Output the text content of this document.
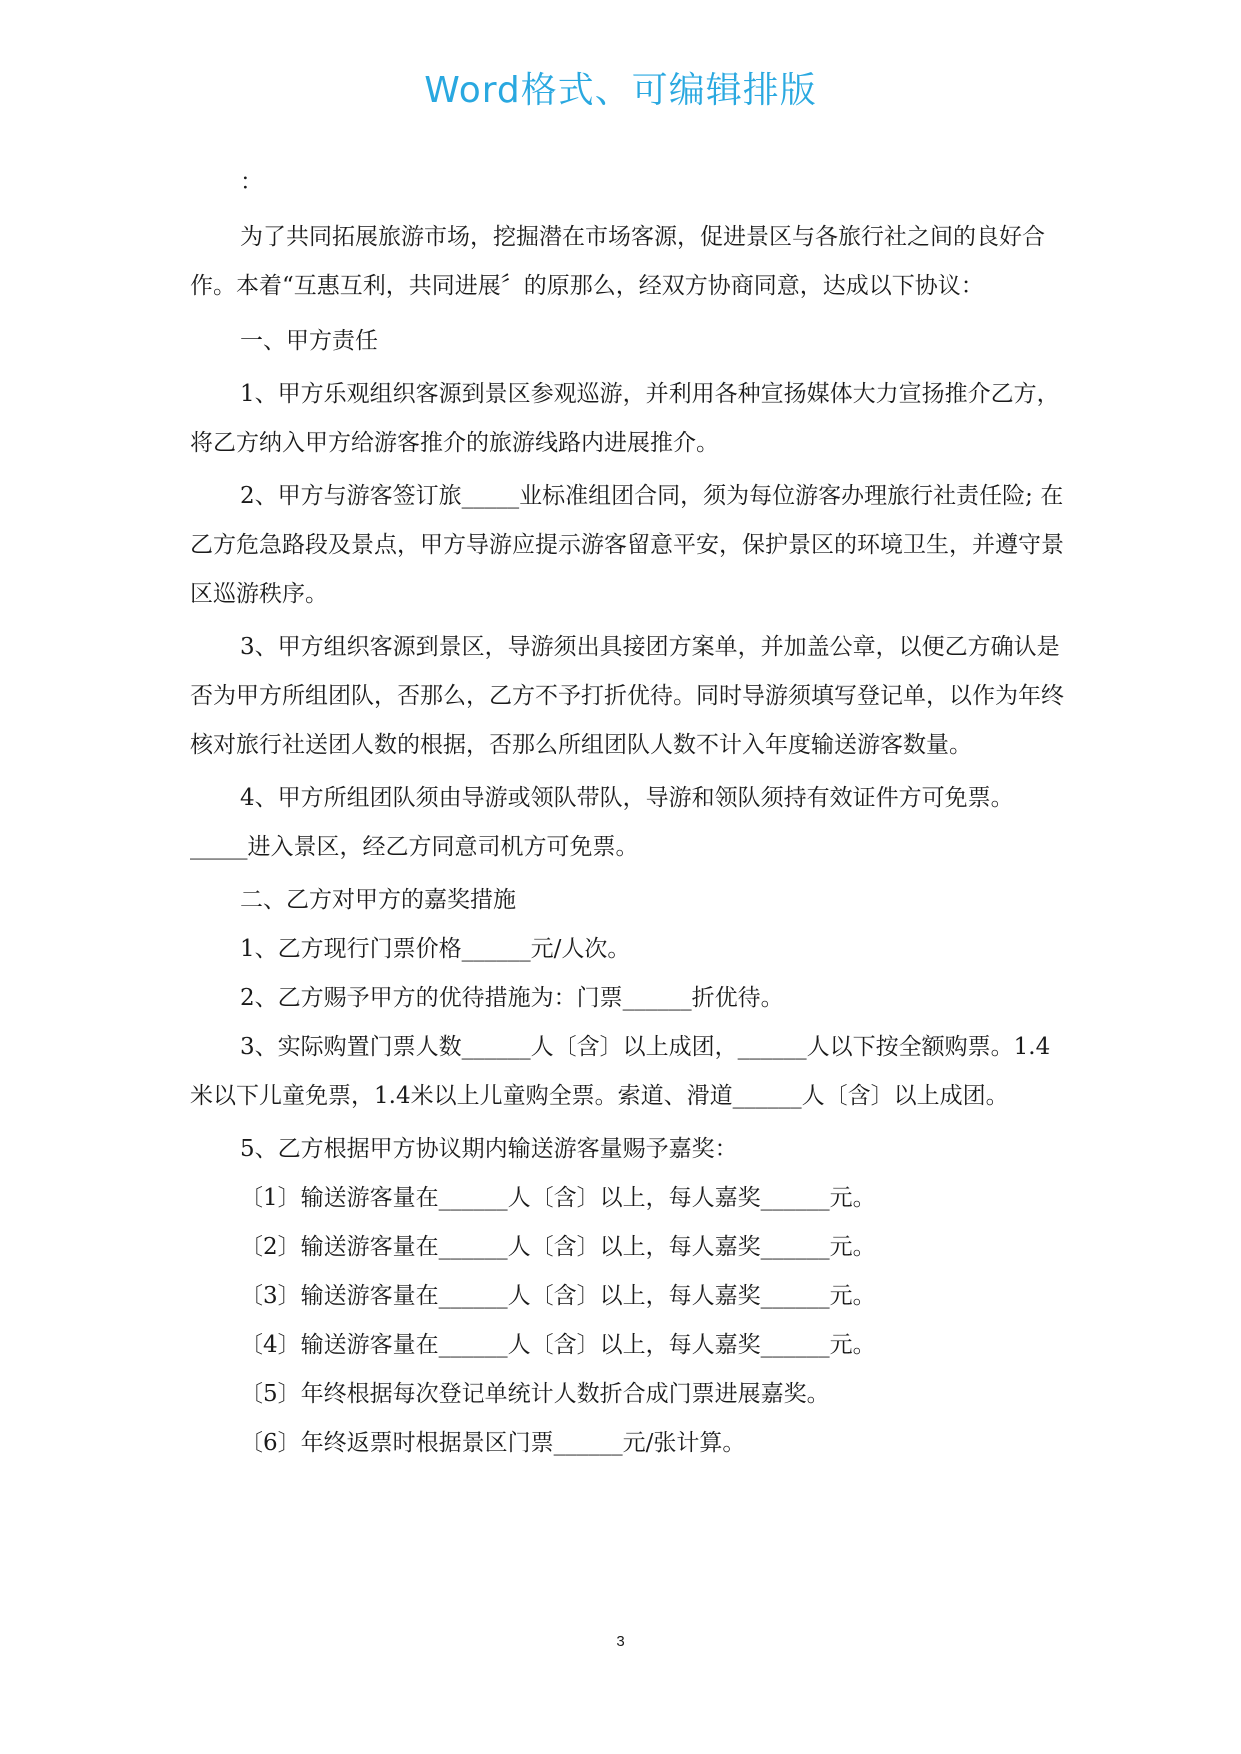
Word格式、可编辑排版

：

为了共同拓展旅游市场，挖掘潜在市场客源，促进景区与各旅行社之间的良好合作。本着“互惠互利，共同进展〞的原那么，经双方协商同意，达成以下协议：

一、甲方责任

1、甲方乐观组织客源到景区参观巡游，并利用各种宣扬媒体大力宣扬推介乙方，将乙方纳入甲方给游客推介的旅游线路内进展推介。

2、甲方与游客签订旅_____业标准组团合同，须为每位游客办理旅行社责任险; 在乙方危急路段及景点，甲方导游应提示游客留意平安，保护景区的环境卫生，并遵守景区巡游秩序。

3、甲方组织客源到景区，导游须出具接团方案单，并加盖公章，以便乙方确认是否为甲方所组团队，否那么，乙方不予打折优待。同时导游须填写登记单，以作为年终核对旅行社送团人数的根据，否那么所组团队人数不计入年度输送游客数量。

4、甲方所组团队须由导游或领队带队，导游和领队须持有效证件方可免票。_____进入景区，经乙方同意司机方可免票。

二、乙方对甲方的嘉奖措施

1、乙方现行门票价格______元/人次。

2、乙方赐予甲方的优待措施为：门票______折优待。

3、实际购置门票人数______人〔含〕以上成团，______人以下按全额购票。1.4米以下儿童免票，1.4米以上儿童购全票。索道、滑道______人〔含〕以上成团。

5、乙方根据甲方协议期内输送游客量赐予嘉奖：

〔1〕输送游客量在______人〔含〕以上，每人嘉奖______元。

〔2〕输送游客量在______人〔含〕以上，每人嘉奖______元。

〔3〕输送游客量在______人〔含〕以上，每人嘉奖______元。

〔4〕输送游客量在______人〔含〕以上，每人嘉奖______元。

〔5〕年终根据每次登记单统计人数折合成门票进展嘉奖。

〔6〕年终返票时根据景区门票______元/张计算。

3
